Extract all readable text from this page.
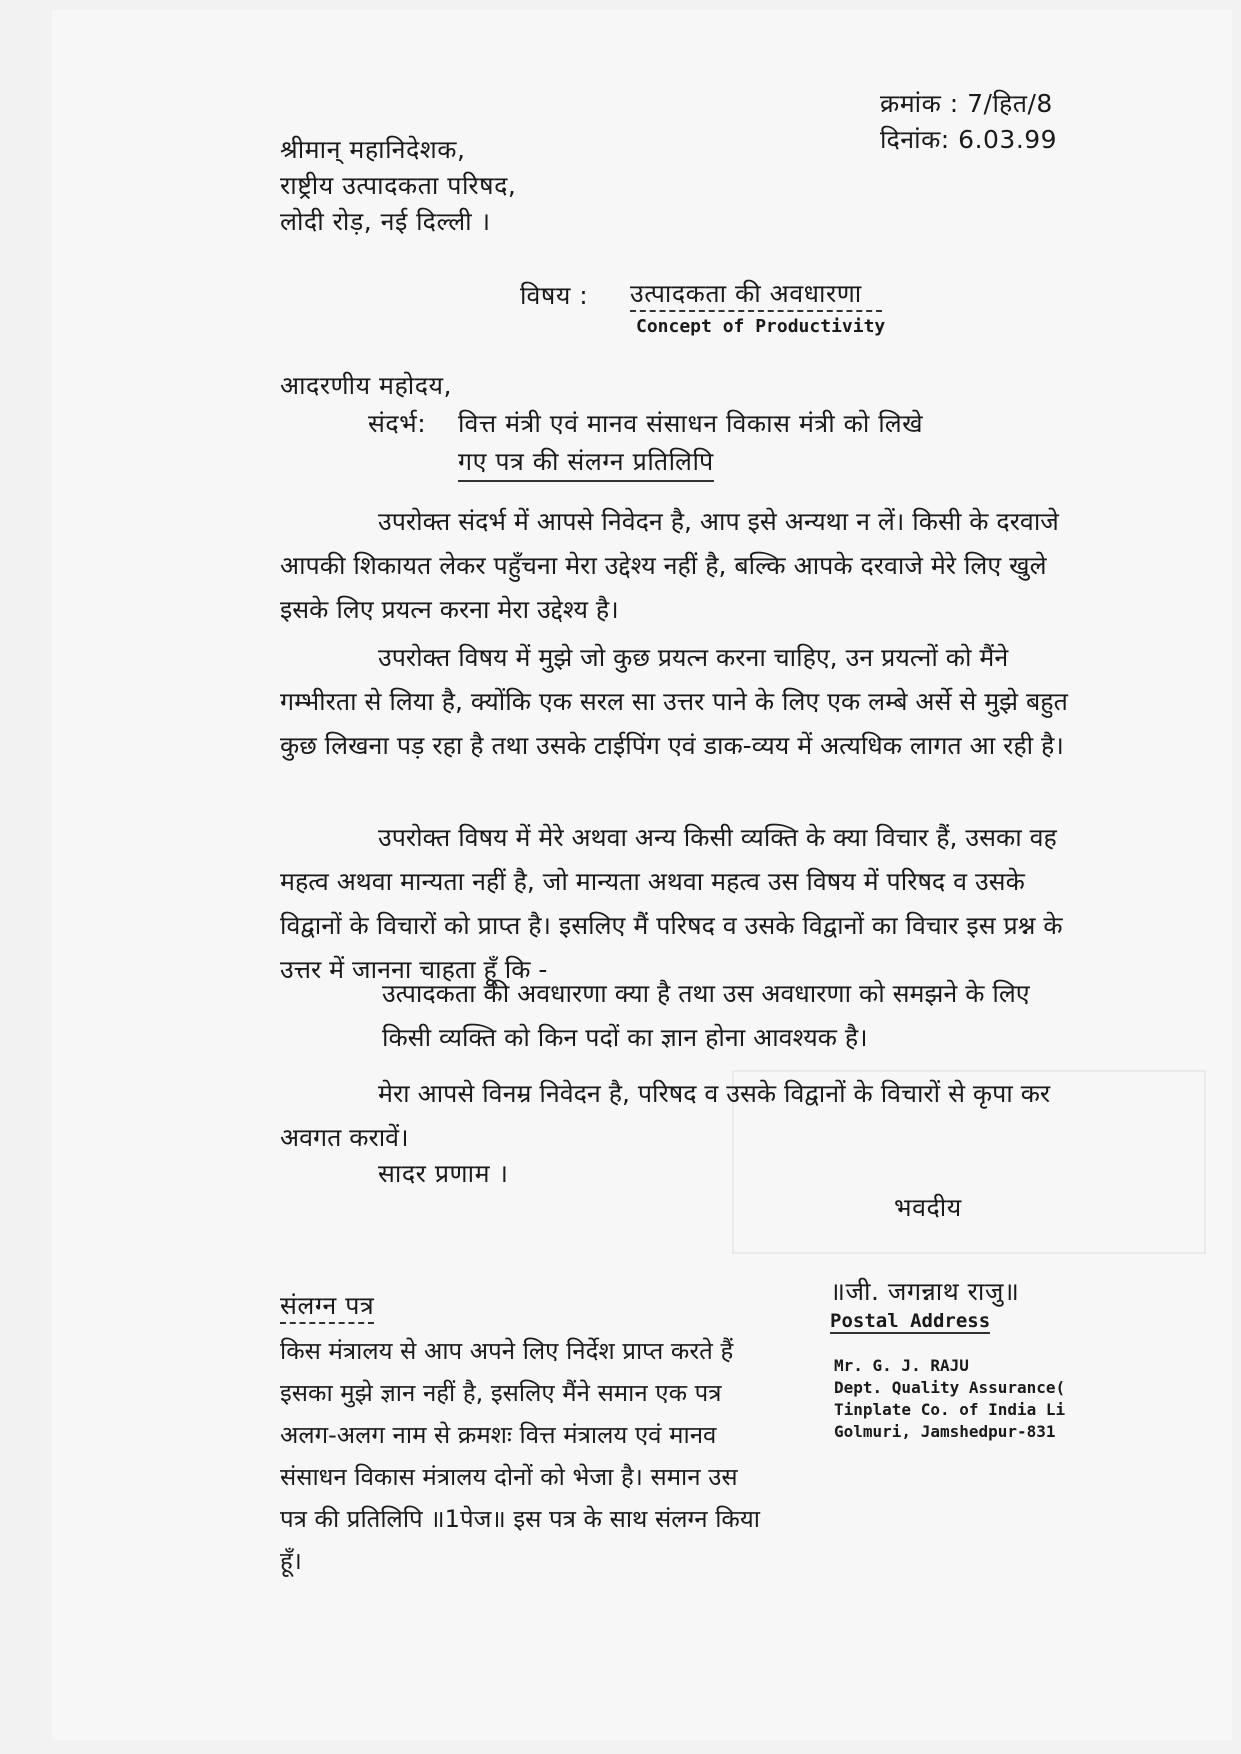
क्रमांक : 7/हित/8
दिनांक: 6.03.99
श्रीमान् महानिदेशक,
राष्ट्रीय उत्पादकता परिषद,
लोदी रोड़, नई दिल्ली ।
विषय : उत्पादकता की अवधारणा
Concept of Productivity
आदरणीय महोदय,
संदर्भ: वित्त मंत्री एवं मानव संसाधन विकास मंत्री को लिखे
गए पत्र की संलग्न प्रतिलिपि
उपरोक्त संदर्भ में आपसे निवेदन है, आप इसे अन्यथा न लें। किसी के दरवाजे आपकी शिकायत लेकर पहुँचना मेरा उद्देश्य नहीं है, बल्कि आपके दरवाजे मेरे लिए खुले इसके लिए प्रयत्न करना मेरा उद्देश्य है।
उपरोक्त विषय में मुझे जो कुछ प्रयत्न करना चाहिए, उन प्रयत्नों को मैंने गम्भीरता से लिया है, क्योंकि एक सरल सा उत्तर पाने के लिए एक लम्बे अर्से से मुझे बहुत कुछ लिखना पड़ रहा है तथा उसके टाईपिंग एवं डाक-व्यय में अत्यधिक लागत आ रही है।
उपरोक्त विषय में मेरे अथवा अन्य किसी व्यक्ति के क्या विचार हैं, उसका वह महत्व अथवा मान्यता नहीं है, जो मान्यता अथवा महत्व उस विषय में परिषद व उसके विद्वानों के विचारों को प्राप्त है। इसलिए मैं परिषद व उसके विद्वानों का विचार इस प्रश्न के उत्तर में जानना चाहता हूँ कि -
उत्पादकता की अवधारणा क्या है तथा उस अवधारणा को समझने के लिए किसी व्यक्ति को किन पदों का ज्ञान होना आवश्यक है।
मेरा आपसे विनम्र निवेदन है, परिषद व उसके विद्वानों के विचारों से कृपा कर अवगत करावें।
सादर प्रणाम ।
भवदीय
॥जी. जगन्नाथ राजु॥
Postal Address
Mr. G. J. RAJU
Dept. Quality Assurance(
Tinplate Co. of India Li
Golmuri, Jamshedpur-831
संलग्न पत्र
किस मंत्रालय से आप अपने लिए निर्देश प्राप्त करते हैं इसका मुझे ज्ञान नहीं है, इसलिए मैंने समान एक पत्र अलग-अलग नाम से क्रमशः वित्त मंत्रालय एवं मानव संसाधन विकास मंत्रालय दोनों को भेजा है। समान उस पत्र की प्रतिलिपि ॥1पेज॥ इस पत्र के साथ संलग्न किया हूँ।
